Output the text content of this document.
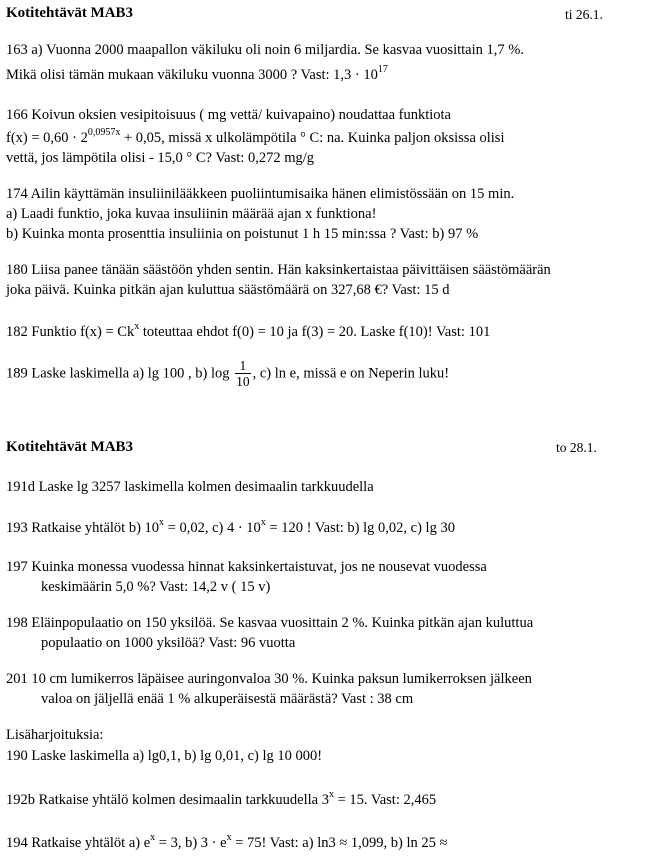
Kotitehtävät MAB3	ti 26.1.
163 a) Vuonna 2000 maapallon väkiluku oli noin 6 miljardia. Se kasvaa vuosittain 1,7 %.
Mikä olisi tämän mukaan väkiluku vuonna 3000 ? Vast: $1,3 \cdot 10^{17}$
166 Koivun oksien vesipitoisuus ( mg vettä/ kuivapaino) noudattaa funktiota
$f(x) = 0,60 \cdot 2^{0,0957x} + 0,05$, missä x ulkolämpötila ° C: na. Kuinka paljon oksissa olisi
vettä, jos lämpötila olisi - 15,0 ° C? Vast: 0,272 mg/g
174 Ailin käyttämän insuliinilääkkeen puoliintumisaika hänen elimistössään on 15 min.
a) Laadi funktio, joka kuvaa insuliinin määrää ajan x funktiona!
b) Kuinka monta prosenttia insuliinia on poistunut 1 h 15 min:ssa ? Vast: b) 97 %
180 Liisa panee tänään säästöön yhden sentin. Hän kaksinkertaistaa päivittäisen säästömäärän
joka päivä. Kuinka pitkän ajan kuluttua säästömäärä on 327,68 €? Vast: 15 d
182 Funktio $f(x) = Ck^x$ toteuttaa ehdot f(0) = 10 ja f(3) = 20. Laske f(10)! Vast: 101
189 Laske laskimella a) lg 100 , b) $\log \frac{1}{10}$ , c) ln e, missä e on Neperin luku!
Kotitehtävät MAB3	to 28.1.
191d Laske lg 3257 laskimella kolmen desimaalin tarkkuudella
193 Ratkaise yhtälöt b) $10^x = 0,02$, c) $4 \cdot 10^x = 120$ ! Vast: b) lg 0,02, c) lg 30
197 Kuinka monessa vuodessa hinnat kaksinkertaistuvat, jos ne nousevat vuodessa
keskimäärin 5,0 %? Vast: 14,2 v ( 15 v)
198 Eläinpopulaatio on 150 yksilöä. Se kasvaa vuosittain 2 %. Kuinka pitkän ajan kuluttua
populaatio on 1000 yksilöä? Vast: 96 vuotta
201 10 cm lumikerros läpäisee auringonvaloa 30 %. Kuinka paksun lumikerroksen jälkeen
valoa on jäljellä enää 1 % alkuperäisestä määrästä? Vast : 38 cm
Lisäharjoituksia:
190 Laske laskimella a) lg0,1, b) lg 0,01, c) lg 10 000!
192b Ratkaise yhtälö kolmen desimaalin tarkkuudella $3^x = 15$. Vast: 2,465
194 Ratkaise yhtälöt a) $e^x = 3$, b) $3 \cdot e^x = 75$! Vast: a) ln3 ≈ 1,099, b) ln 25 ≈
